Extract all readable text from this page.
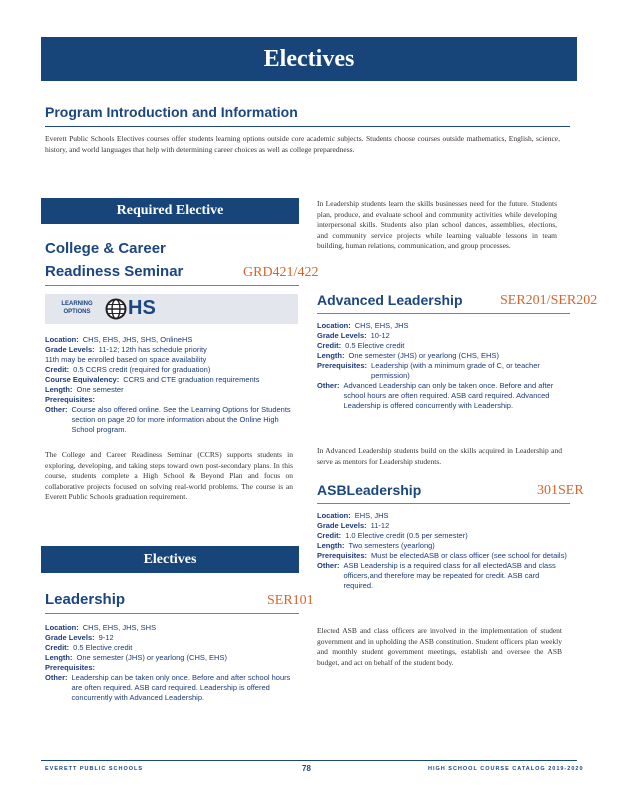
Electives
Program Introduction and Information
Everett Public Schools Electives courses offer students learning options outside core academic subjects. Students choose courses outside mathematics, English, science, history, and world languages that help with determining career choices as well as college preparedness.
Required Elective
College & Career
Readiness Seminar	GRD421/422
LEARNING OPTIONS	HS
Location: CHS, EHS, JHS, SHS, OnlineHS
Grade Levels: 11-12; 12th has schedule priority
11th may be enrolled based on space availability
Credit: 0.5 CCRS credit (required for graduation)
Course Equivalency: CCRS and CTE graduation requirements
Length: One semester
Prerequisites:
Other: Course also offered online. See the Learning Options for Students section on page 20 for more information about the Online High School program.
The College and Career Readiness Seminar (CCRS) supports students in exploring, developing, and taking steps toward own post-secondary plans. In this course, students complete a High School & Beyond Plan and focus on collaborative projects focused on solving real-world problems. The course is an Everett Public Schools graduation requirement.
Electives
Leadership	SER101
Location: CHS, EHS, JHS, SHS
Grade Levels: 9-12
Credit: 0.5 Elective credit
Length: One semester (JHS) or yearlong (CHS, EHS)
Prerequisites:
Other: Leadership can be taken only once. Before and after school hours are often required. ASB card required. Leadership is offered concurrently with Advanced Leadership.
In Leadership students learn the skills businesses need for the future. Students plan, produce, and evaluate school and community activities while developing interpersonal skills. Students also plan school dances, assemblies, elections, and community service projects while learning valuable lessons in team building, human relations, communication, and group processes.
Advanced Leadership	SER201/SER202
Location: CHS, EHS, JHS
Grade Levels: 10-12
Credit: 0.5 Elective credit
Length: One semester (JHS) or yearlong (CHS, EHS)
Prerequisites: Leadership (with a minimum grade of C, or teacher permission)
Other: Advanced Leadership can only be taken once. Before and after school hours are often required. ASB card required. Advanced Leadership is offered concurrently with Leadership.
In Advanced Leadership students build on the skills acquired in Leadership and serve as mentors for Leadership students.
ASBLeadership	301SER
Location: EHS, JHS
Grade Levels: 11-12
Credit: 1.0 Elective credit (0.5 per semester)
Length: Two semesters (yearlong)
Prerequisites: Must be electedASB or class officer (see school for details)
Other: ASB Leadership is a required class for all electedASB and class officers,and therefore may be repeated for credit. ASB card required.
Elected ASB and class officers are involved in the implementation of student government and in upholding the ASB constitution. Student officers plan weekly and monthly student government meetings, establish and oversee the ASB budget, and act on behalf of the student body.
EVERETT PUBLIC SCHOOLS	78	HIGH SCHOOL COURSE CATALOG 2019-2020
